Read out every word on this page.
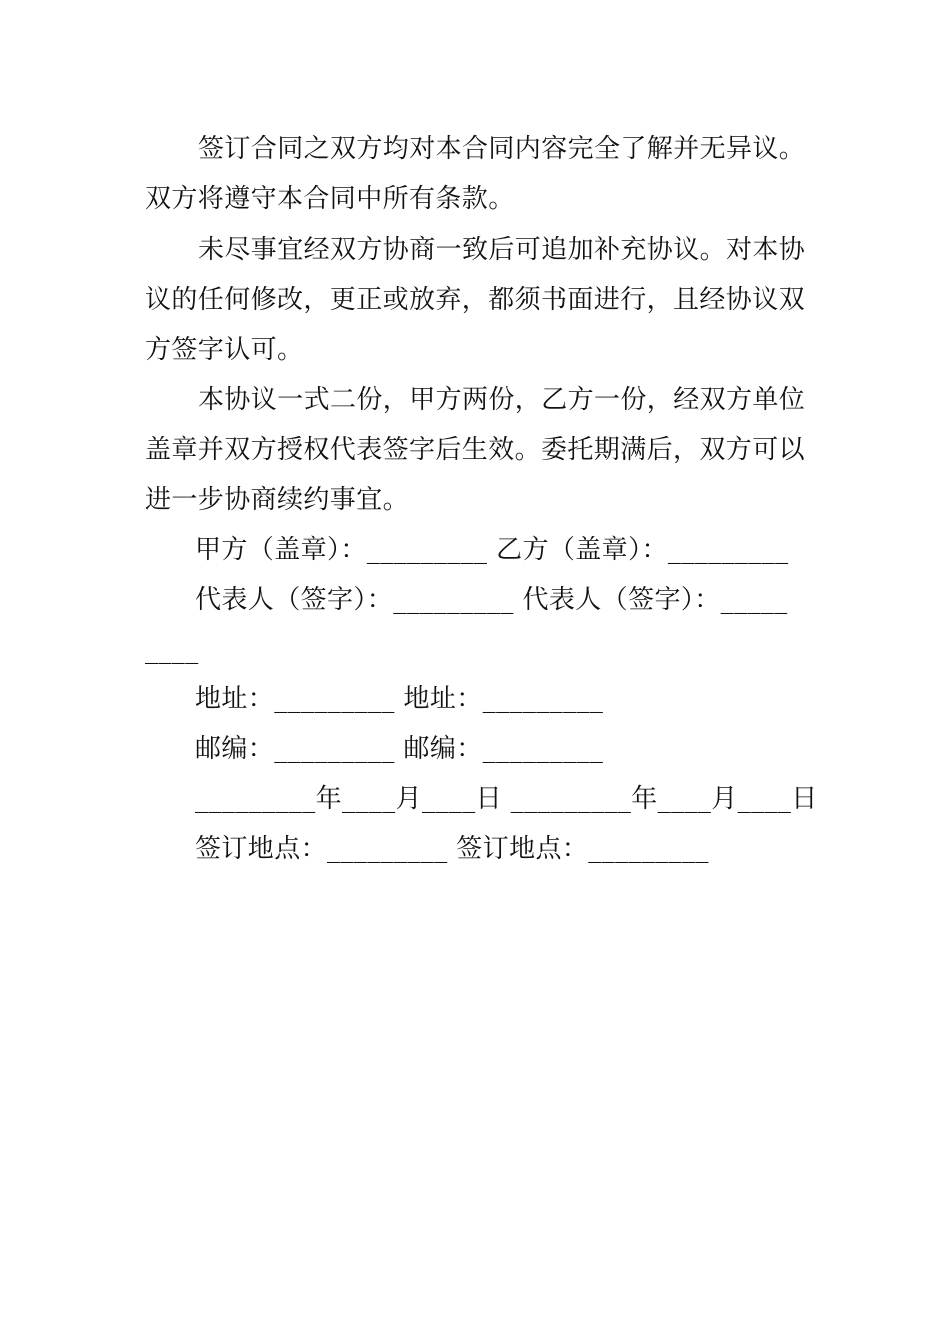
签订合同之双方均对本合同内容完全了解并无异议。
双方将遵守本合同中所有条款。
未尽事宜经双方协商一致后可追加补充协议。对本协
议的任何修改，更正或放弃，都须书面进行，且经协议双
方签字认可。
本协议一式二份，甲方两份，乙方一份，经双方单位
盖章并双方授权代表签字后生效。委托期满后，双方可以
进一步协商续约事宜。
甲方（盖章）：_________ 乙方（盖章）：_________
代表人（签字）：_________ 代表人（签字）：_____
____
地址：_________ 地址：_________
邮编：_________ 邮编：_________
_________年____月____日 _________年____月____日
签订地点：_________ 签订地点：_________
